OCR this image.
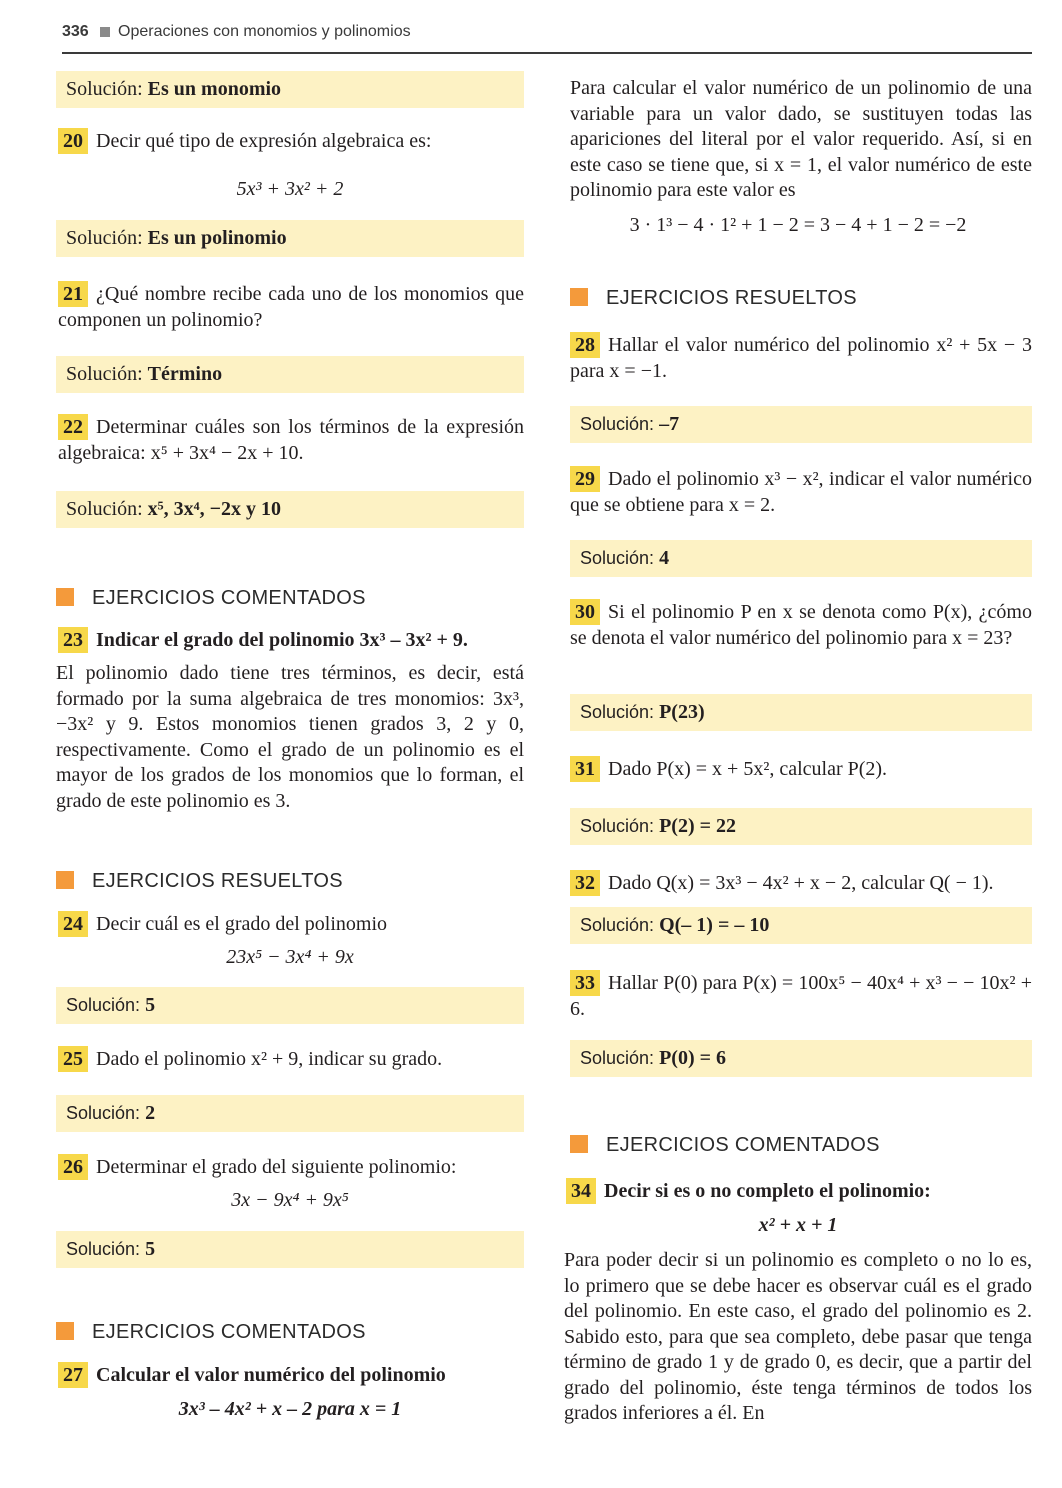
336 Operaciones con monomios y polinomios
Solución: Es un monomio
20 Decir qué tipo de expresión algebraica es:
5x³ + 3x² + 2
Solución: Es un polinomio
21 ¿Qué nombre recibe cada uno de los monomios que componen un polinomio?
Solución: Término
22 Determinar cuáles son los términos de la expresión algebraica: x⁵ + 3x⁴ − 2x + 10.
Solución: x⁵, 3x⁴, −2x y 10
EJERCICIOS COMENTADOS
23 Indicar el grado del polinomio 3x³ – 3x² + 9.
El polinomio dado tiene tres términos, es decir, está formado por la suma algebraica de tres monomios: 3x³, −3x² y 9. Estos monomios tienen grados 3, 2 y 0, respectivamente. Como el grado de un polinomio es el mayor de los grados de los monomios que lo forman, el grado de este polinomio es 3.
EJERCICIOS RESUELTOS
24 Decir cuál es el grado del polinomio
23x⁵ − 3x⁴ + 9x
Solución: 5
25 Dado el polinomio x² + 9, indicar su grado.
Solución: 2
26 Determinar el grado del siguiente polinomio:
3x − 9x⁴ + 9x⁵
Solución: 5
EJERCICIOS COMENTADOS
27 Calcular el valor numérico del polinomio
3x³ – 4x² + x – 2 para x = 1
Para calcular el valor numérico de un polinomio de una variable para un valor dado, se sustituyen todas las apariciones del literal por el valor requerido. Así, si en este caso se tiene que, si x = 1, el valor numérico de este polinomio para este valor es
3 · 1³ − 4 · 1² + 1 − 2 = 3 − 4 + 1 − 2 = −2
EJERCICIOS RESUELTOS
28 Hallar el valor numérico del polinomio x² + 5x − 3 para x = −1.
Solución: –7
29 Dado el polinomio x³ − x², indicar el valor numérico que se obtiene para x = 2.
Solución: 4
30 Si el polinomio P en x se denota como P(x), ¿cómo se denota el valor numérico del polinomio para x = 23?
Solución: P(23)
31 Dado P(x) = x + 5x², calcular P(2).
Solución: P(2) = 22
32 Dado Q(x) = 3x³ − 4x² + x − 2, calcular Q( − 1).
Solución: Q(– 1) = – 10
33 Hallar P(0) para P(x) = 100x⁵ − 40x⁴ + x³ − − 10x² + 6.
Solución: P(0) = 6
EJERCICIOS COMENTADOS
34 Decir si es o no completo el polinomio:
x² + x + 1
Para poder decir si un polinomio es completo o no lo es, lo primero que se debe hacer es observar cuál es el grado del polinomio. En este caso, el grado del polinomio es 2. Sabido esto, para que sea completo, debe pasar que tenga término de grado 1 y de grado 0, es decir, que a partir del grado del polinomio, éste tenga términos de todos los grados inferiores a él. En
